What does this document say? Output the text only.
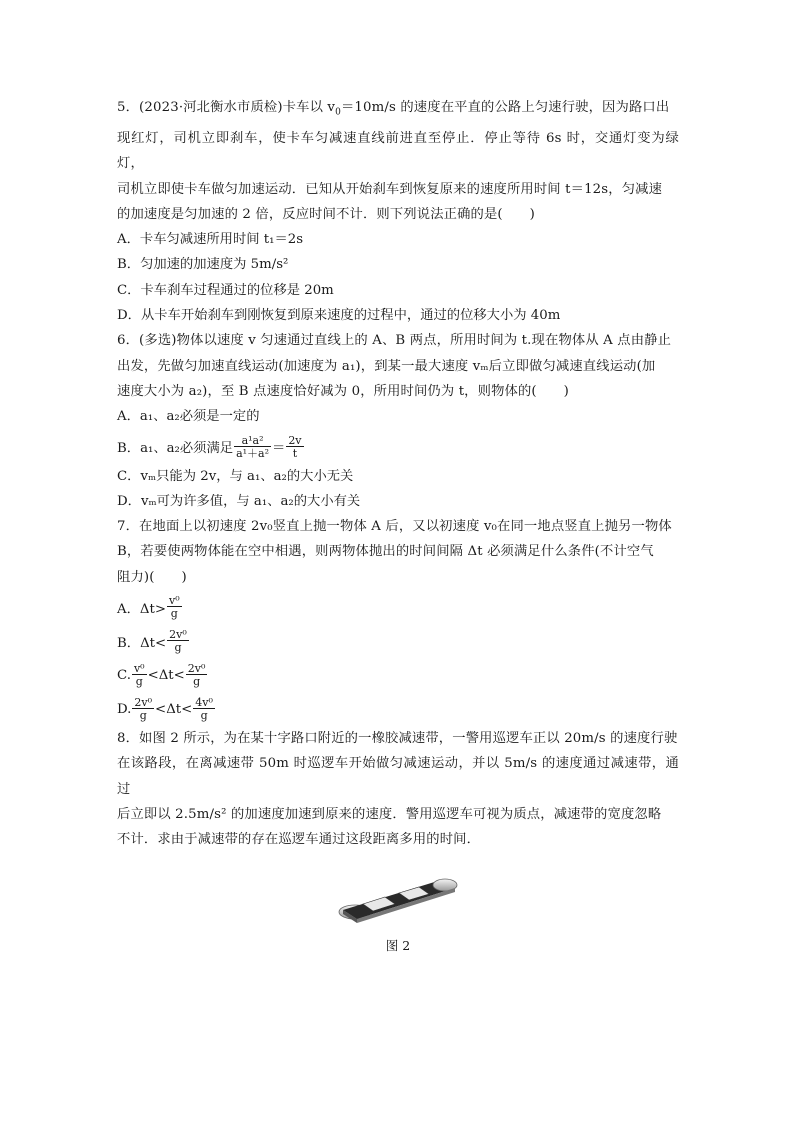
5．(2023·河北衡水市质检)卡车以 $v_0=10m/s$ 的速度在平直的公路上匀速行驶，因为路口出

现红灯，司机立即刹车，使卡车匀减速直线前进直至停止．停止等待 6s 时，交通灯变为绿灯，

司机立即使卡车做匀加速运动．已知从开始刹车到恢复原来的速度所用时间 t＝12s，匀减速

的加速度是匀加速的 2 倍，反应时间不计．则下列说法正确的是(　　)

A．卡车匀减速所用时间 t₁＝2s

B．匀加速的加速度为 5m/s²

C．卡车刹车过程通过的位移是 20m

D．从卡车开始刹车到刚恢复到原来速度的过程中，通过的位移大小为 40m

6．(多选)物体以速度 v 匀速通过直线上的 A、B 两点，所用时间为 t.现在物体从 A 点由静止

出发，先做匀加速直线运动(加速度为 a₁)，到某一最大速度 vₘ后立即做匀减速直线运动(加

速度大小为 a₂)，至 B 点速度恰好减为 0，所用时间仍为 t，则物体的(　　)

A．a₁、a₂必须是一定的

B．a₁、a₂必须满足 $\frac{\text{a¹a²}}{\text{a¹＋a²}} = \frac{2v}{t}$

C．vₘ只能为 2v，与 a₁、a₂的大小无关

D．vₘ可为许多值，与 a₁、a₂的大小有关

7．在地面上以初速度 2v₀竖直上抛一物体 A 后，又以初速度 v₀在同一地点竖直上抛另一物体

B，若要使两物体能在空中相遇，则两物体抛出的时间间隔 Δt 必须满足什么条件(不计空气

阻力)(　　)

A．$\Delta t> \frac{\text{v⁰}}{g}$

B．$\Delta t< \frac{\text{2v⁰}}{g}$

C. $\frac{\text{v⁰}}{g} <\Delta t< \frac{\text{2v⁰}}{g}$

D. $\frac{\text{2v⁰}}{g} <\Delta t< \frac{\text{4v⁰}}{g}$

8．如图 2 所示，为在某十字路口附近的一橡胶减速带，一警用巡逻车正以 20m/s 的速度行驶

在该路段，在离减速带 50m 时巡逻车开始做匀减速运动，并以 5m/s 的速度通过减速带，通过

后立即以 2.5m/s² 的加速度加速到原来的速度．警用巡逻车可视为质点，减速带的宽度忽略

不计．求由于减速带的存在巡逻车通过这段距离多用的时间．

图 2
